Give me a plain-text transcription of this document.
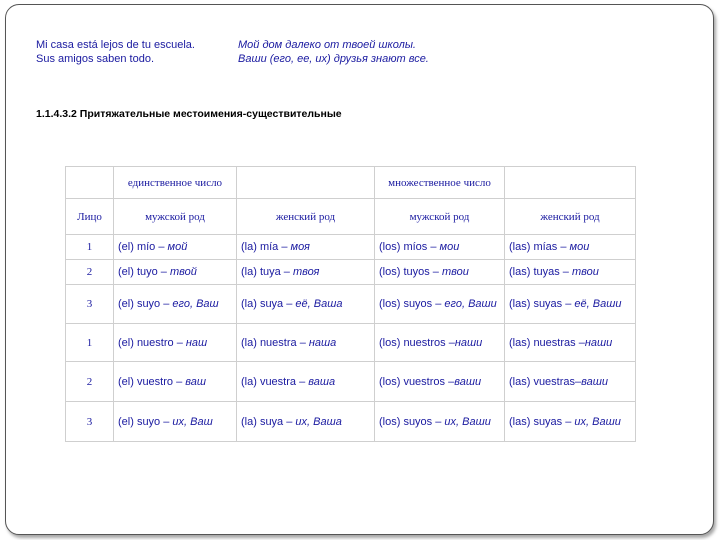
Mi casa está lejos de tu escuela.
Sus amigos saben todo.
Мой дом далеко от твоей школы.
Ваши (его, ее, их) друзья знают все.
1.1.4.3.2 Притяжательные местоимения-существительные
	единственное число		множественное число	
Лицо	мужской род	женский род	мужской род	женский род
1	(el) mío – мой	(la) mía – моя	(los) míos – мои	(las) mías – мои
2	(el) tuyo – твой	(la) tuya – твоя	(los) tuyos – твои	(las) tuyas – твои
3	(el) suyo – его, Ваш	(la) suya – её, Ваша	(los) suyos – его, Ваши	(las) suyas – её, Ваши
1	(el) nuestro – наш	(la) nuestra – наша	(los) nuestros –наши	(las) nuestras –наши
2	(el) vuestro – ваш	(la) vuestra – ваша	(los) vuestros –ваши	(las) vuestras–ваши
3	(el) suyo – их, Ваш	(la) suya – их, Ваша	(los) suyos – их, Ваши	(las) suyas – их, Ваши
